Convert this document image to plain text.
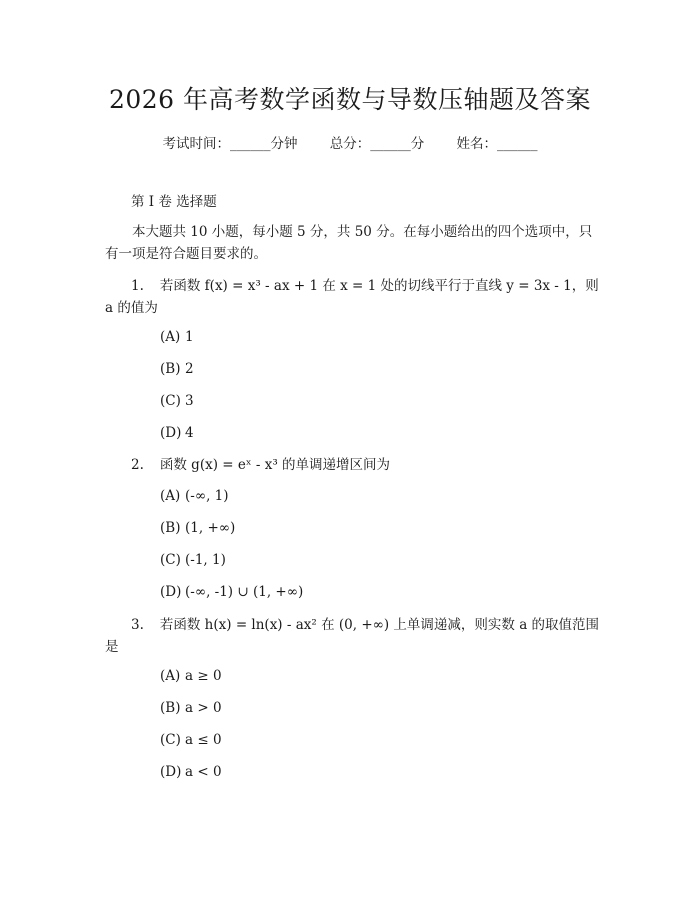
2026 年高考数学函数与导数压轴题及答案
考试时间：______分钟 总分：______分 姓名：______
第 I 卷 选择题
本大题共 10 小题，每小题 5 分，共 50 分。在每小题给出的四个选项中，只有一项是符合题目要求的。
1. 若函数 f(x) = x³ - ax + 1 在 x = 1 处的切线平行于直线 y = 3x - 1，则 a 的值为
(A) 1
(B) 2
(C) 3
(D) 4
2. 函数 g(x) = eˣ - x³ 的单调递增区间为
(A) (-∞, 1)
(B) (1, +∞)
(C) (-1, 1)
(D) (-∞, -1) ∪ (1, +∞)
3. 若函数 h(x) = ln(x) - ax² 在 (0, +∞) 上单调递减，则实数 a 的取值范围是
(A) a ≥ 0
(B) a > 0
(C) a ≤ 0
(D) a < 0
